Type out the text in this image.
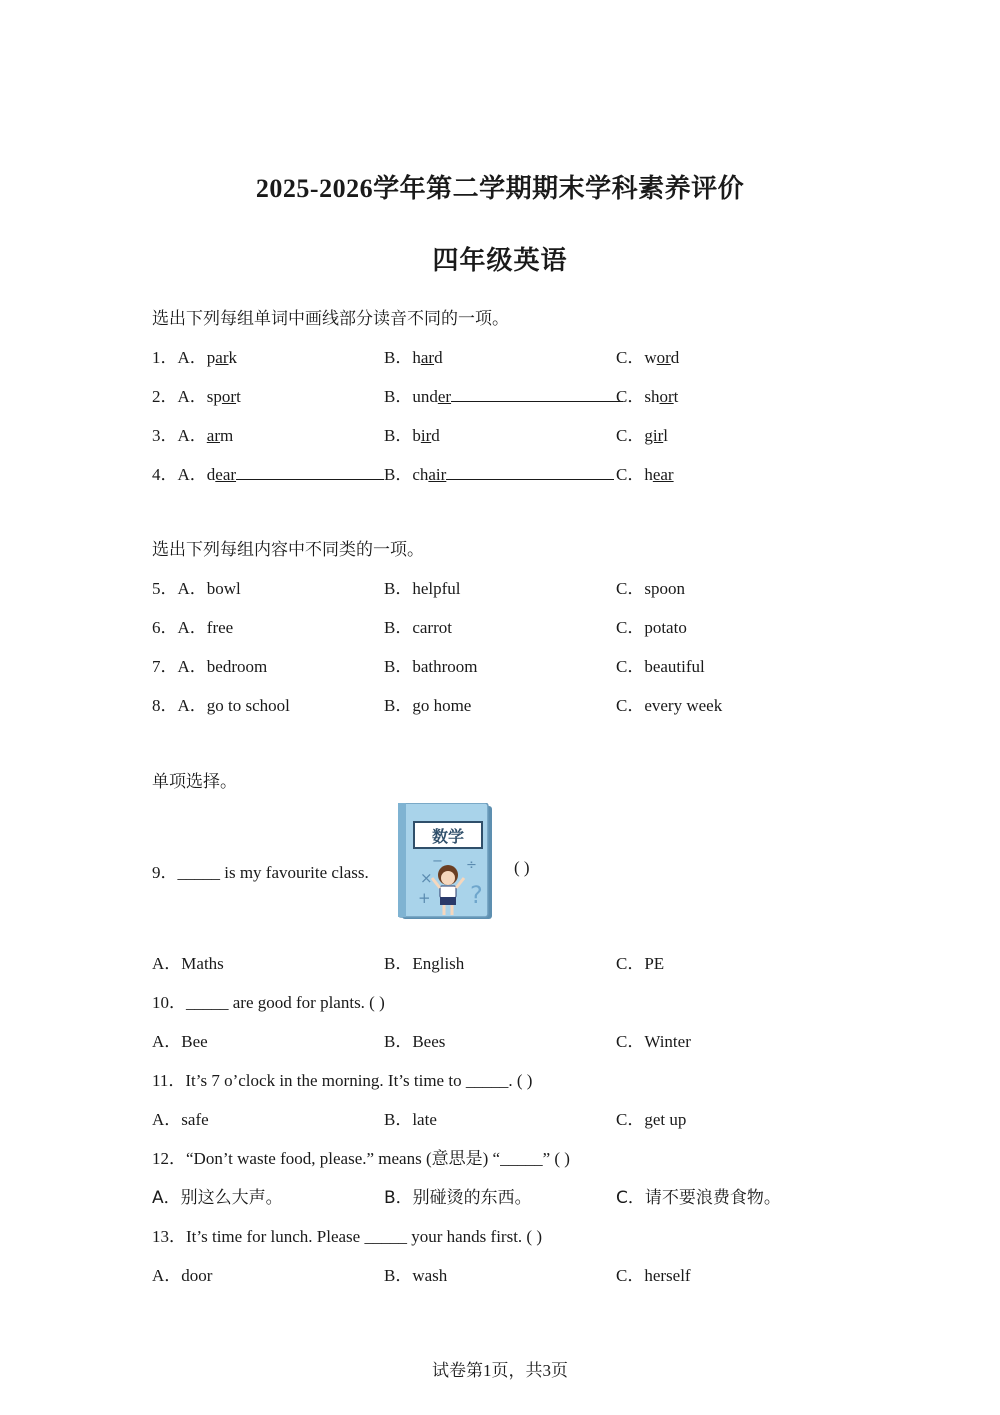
2025-2026学年第二学期期末学科素养评价
四年级英语
选出下列每组单词中画线部分读音不同的一项。
1．A．park	B．hard	C．word
2．A．sport	B．under	C．short
3．A．arm	B．bird	C．girl
4．A．dear	B．chair	C．hear
选出下列每组内容中不同类的一项。
5．A．bowl	B．helpful	C．spoon
6．A．free	B．carrot	C．potato
7．A．bedroom	B．bathroom	C．beautiful
8．A．go to school	B．go home	C．every week
单项选择。
9．_____ is my favourite class.
数学
×
+
÷
−
?
( )
A．Maths	B．English	C．PE
10．_____ are good for plants. ( )
A．Bee	B．Bees	C．Winter
11．It’s 7 o’clock in the morning. It’s time to _____. ( )
A．safe	B．late	C．get up
12．“Don’t waste food, please.” means (意思是) “_____” ( )
A．别这么大声。	B．别碰烫的东西。	C．请不要浪费食物。
13．It’s time for lunch. Please _____ your hands first. ( )
A．door	B．wash	C．herself
试卷第1页，共3页
